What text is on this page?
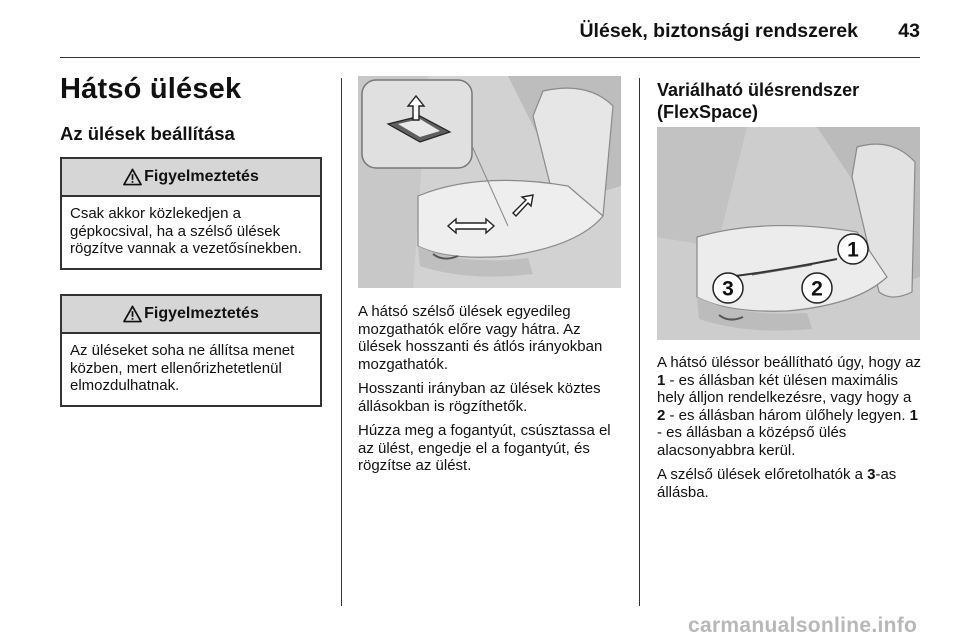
Ülések, biztonsági rendszerek 43
Hátsó ülések
Az ülések beállítása
Figyelmeztetés
Csak akkor közlekedjen a gépkocsival, ha a szélső ülések rögzítve vannak a vezetősínekben.
Figyelmeztetés
Az üléseket soha ne állítsa menet közben, mert ellenőrizhetetlenül elmozdulhatnak.
A hátsó szélső ülések egyedileg mozgathatók előre vagy hátra. Az ülések hosszanti és átlós irányokban mozgathatók.
Hosszanti irányban az ülések köztes állásokban is rögzíthetők.
Húzza meg a fogantyút, csúsztassa el az ülést, engedje el a fogantyút, és rögzítse az ülést.
Variálható ülésrendszer
(FlexSpace)
1
2
3
A hátsó üléssor beállítható úgy, hogy az 1 - es állásban két ülésen maximális hely álljon rendelkezésre, vagy hogy a 2 - es állásban három ülőhely legyen. 1 - es állásban a középső ülés alacsonyabbra kerül.
A szélső ülések előretolhatók a 3-as állásba.
carmanualsonline.info
